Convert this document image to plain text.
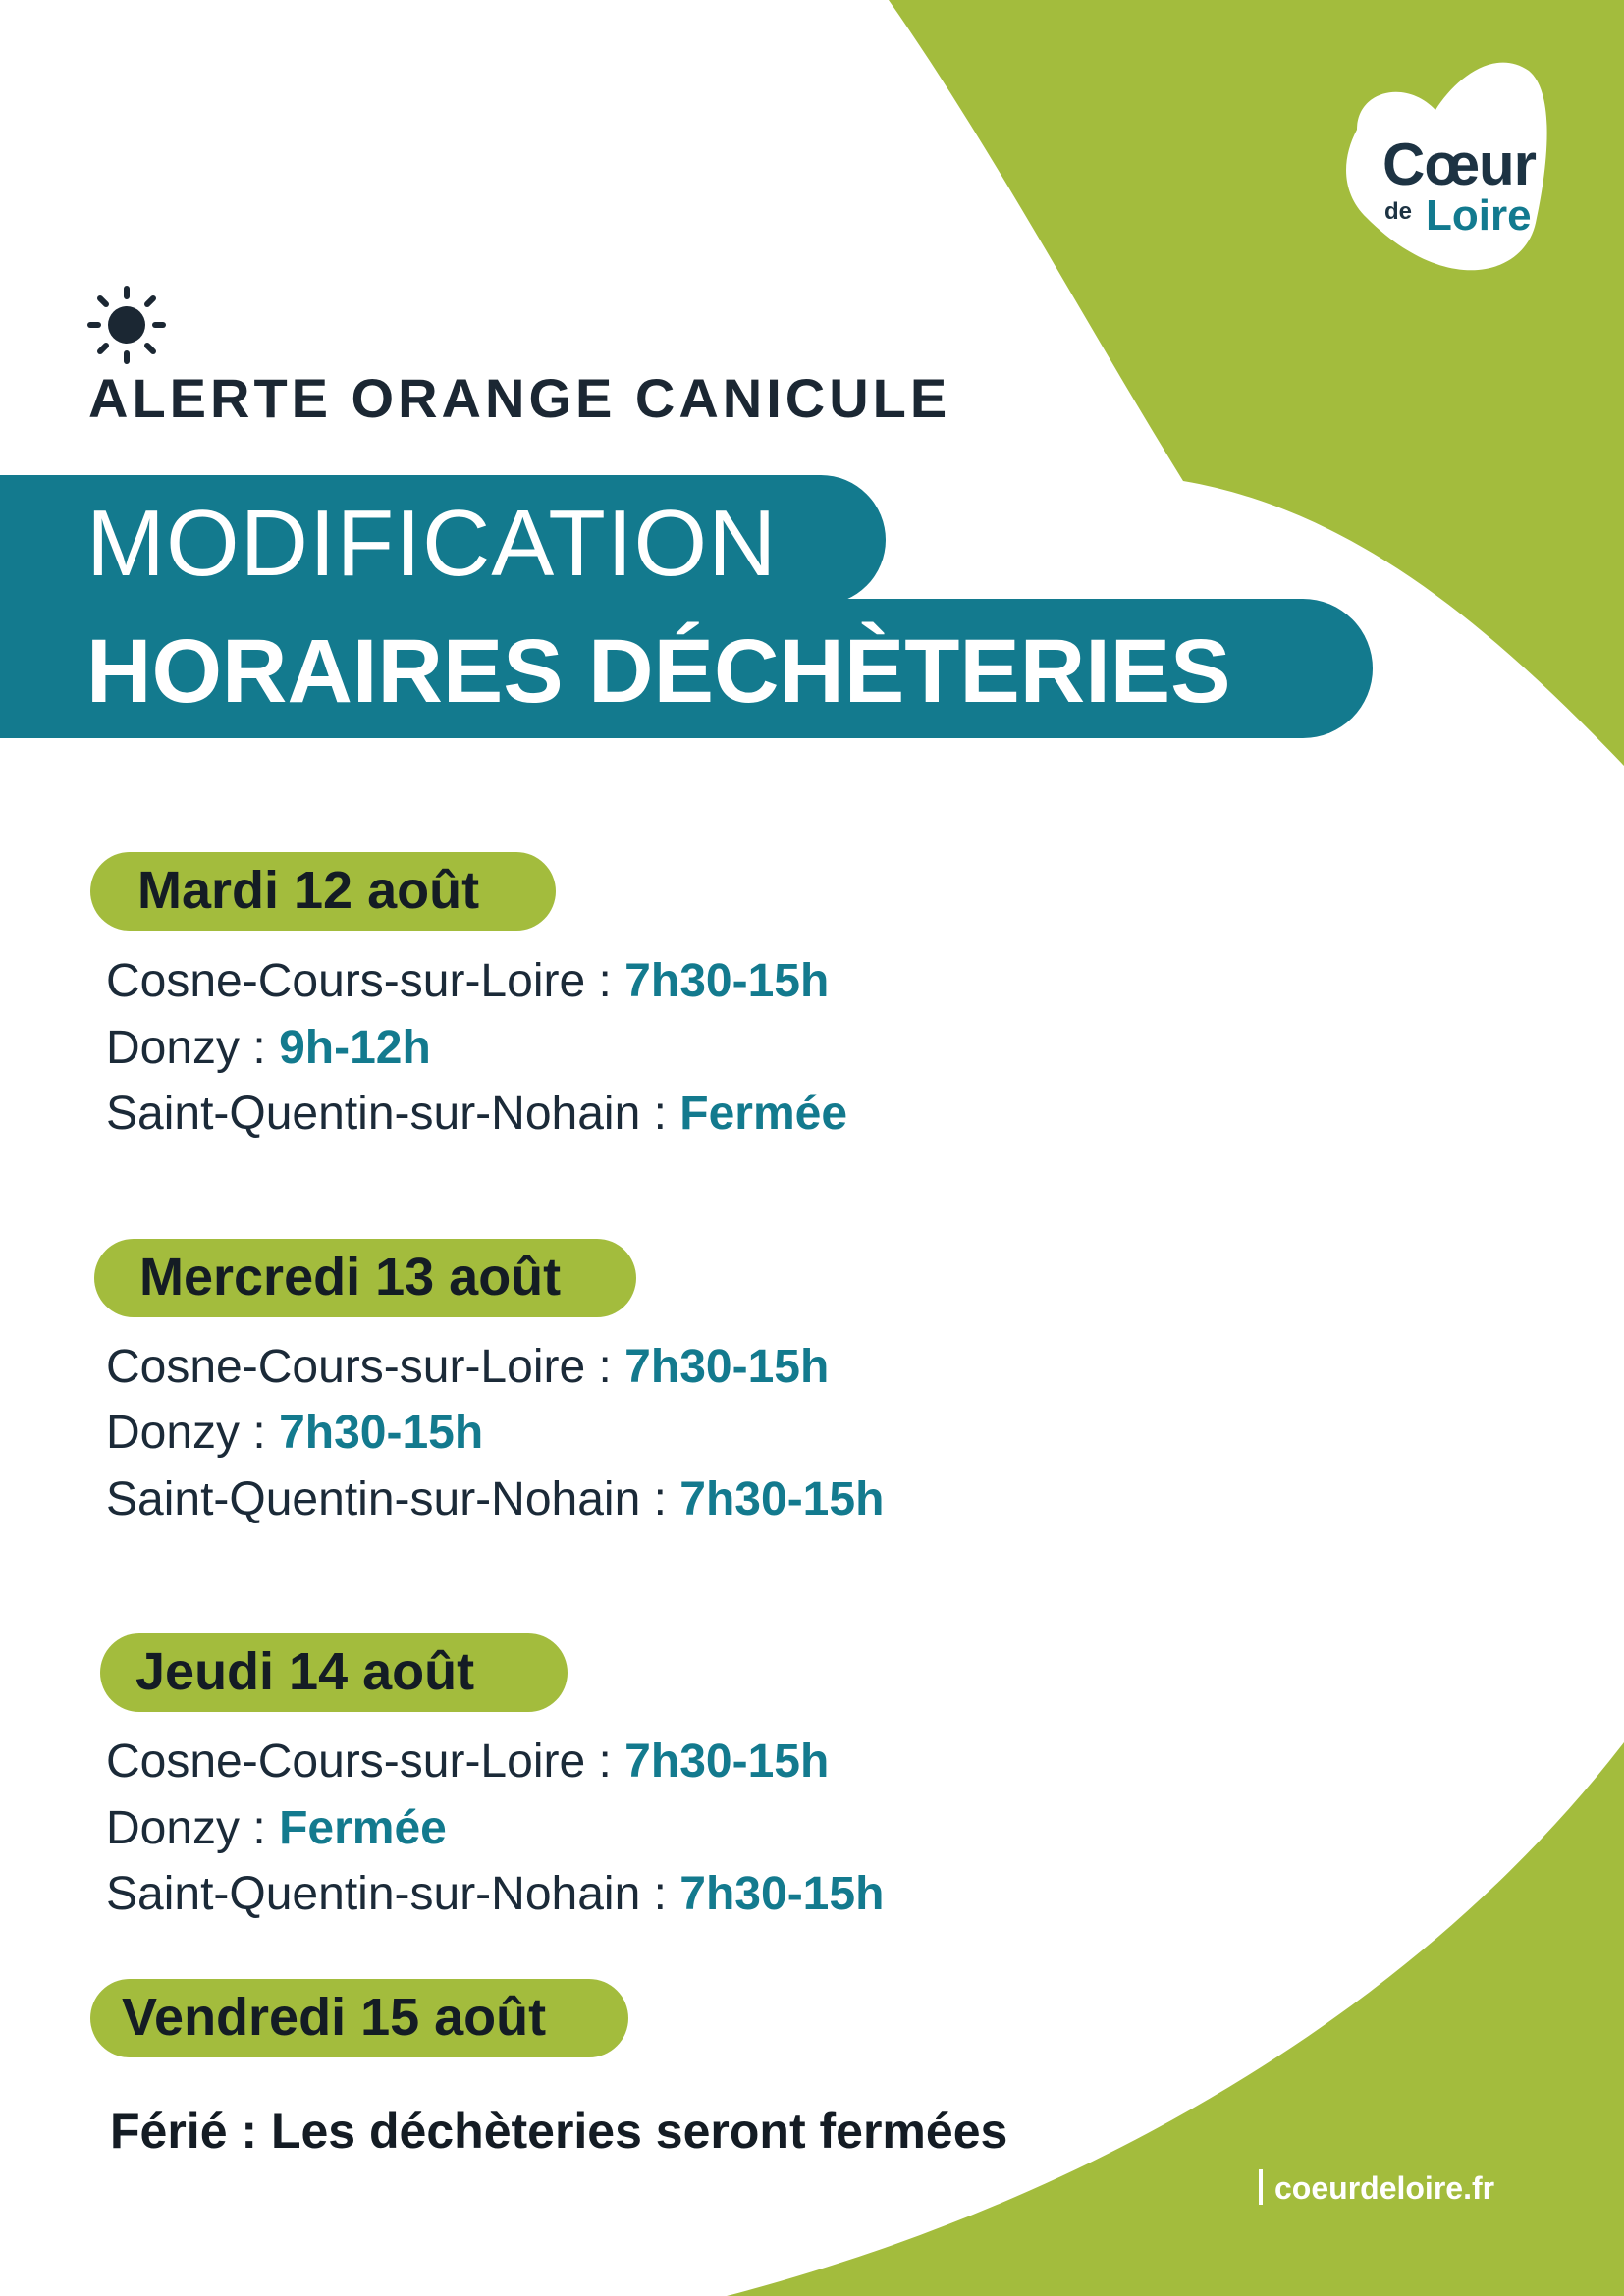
Cœur
de Loire
ALERTE ORANGE CANICULE
MODIFICATION
HORAIRES DÉCHÈTERIES
Mardi 12 août
Cosne-Cours-sur-Loire : 7h30-15h
Donzy : 9h-12h
Saint-Quentin-sur-Nohain : Fermée
Mercredi 13 août
Cosne-Cours-sur-Loire : 7h30-15h
Donzy : 7h30-15h
Saint-Quentin-sur-Nohain : 7h30-15h
Jeudi 14 août
Cosne-Cours-sur-Loire : 7h30-15h
Donzy : Fermée
Saint-Quentin-sur-Nohain : 7h30-15h
Vendredi 15 août
Férié : Les déchèteries seront fermées
coeurdeloire.fr
